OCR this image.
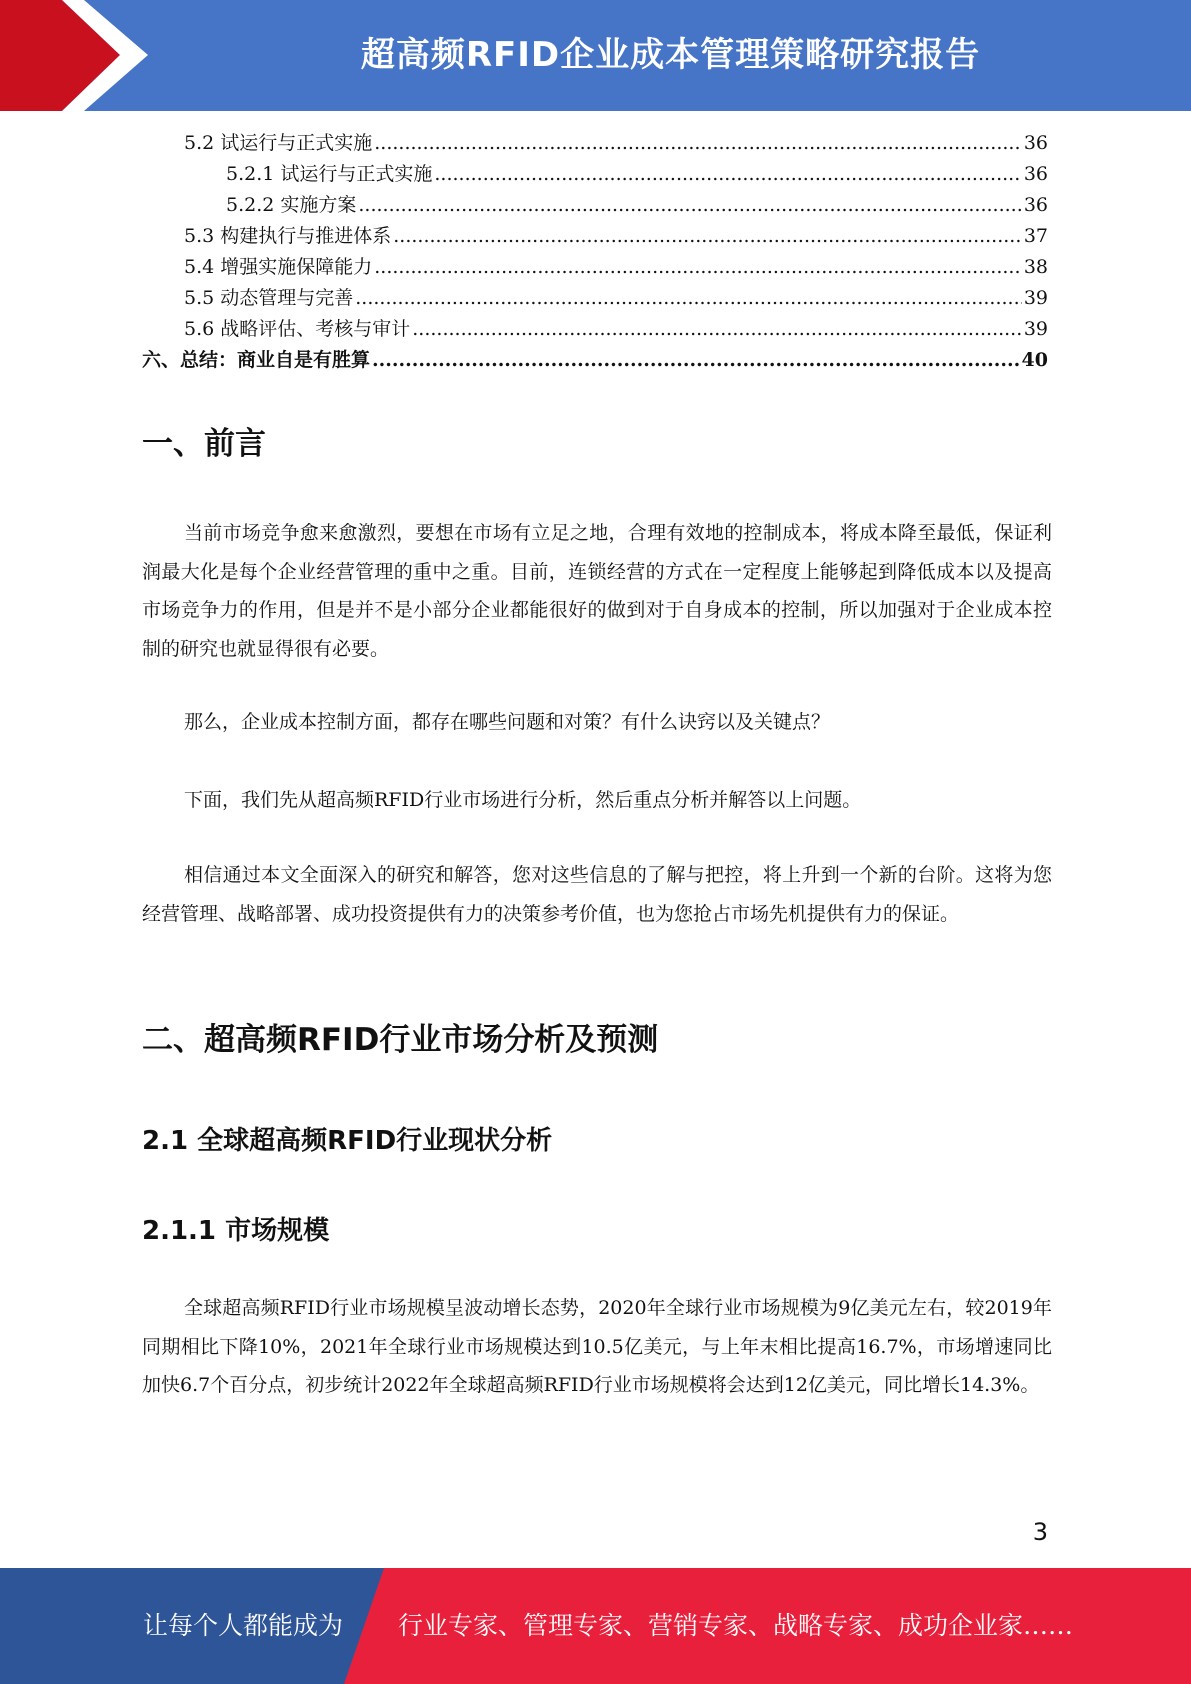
超高频RFID企业成本管理策略研究报告
5.2 试运行与正式实施 .....	36
5.2.1 试运行与正式实施 .....	36
5.2.2 实施方案 .....	36
5.3 构建执行与推进体系 .....	37
5.4 增强实施保障能力 .....	38
5.5 动态管理与完善 .....	39
5.6 战略评估、考核与审计 .....	39
六、总结：商业自是有胜算 .....	40
一、前言
当前市场竞争愈来愈激烈，要想在市场有立足之地，合理有效地的控制成本，将成本降至最低，保证利润最大化是每个企业经营管理的重中之重。目前，连锁经营的方式在一定程度上能够起到降低成本以及提高市场竞争力的作用，但是并不是小部分企业都能很好的做到对于自身成本的控制，所以加强对于企业成本控制的研究也就显得很有必要。
那么，企业成本控制方面，都存在哪些问题和对策？有什么诀窍以及关键点？
下面，我们先从超高频RFID行业市场进行分析，然后重点分析并解答以上问题。
相信通过本文全面深入的研究和解答，您对这些信息的了解与把控，将上升到一个新的台阶。这将为您经营管理、战略部署、成功投资提供有力的决策参考价值，也为您抢占市场先机提供有力的保证。
二、超高频RFID行业市场分析及预测
2.1 全球超高频RFID行业现状分析
2.1.1 市场规模
全球超高频RFID行业市场规模呈波动增长态势，2020年全球行业市场规模为9亿美元左右，较2019年同期相比下降10%，2021年全球行业市场规模达到10.5亿美元，与上年末相比提高16.7%，市场增速同比加快6.7个百分点，初步统计2022年全球超高频RFID行业市场规模将会达到12亿美元，同比增长14.3%。
3
让每个人都能成为 行业专家、管理专家、营销专家、战略专家、成功企业家……
